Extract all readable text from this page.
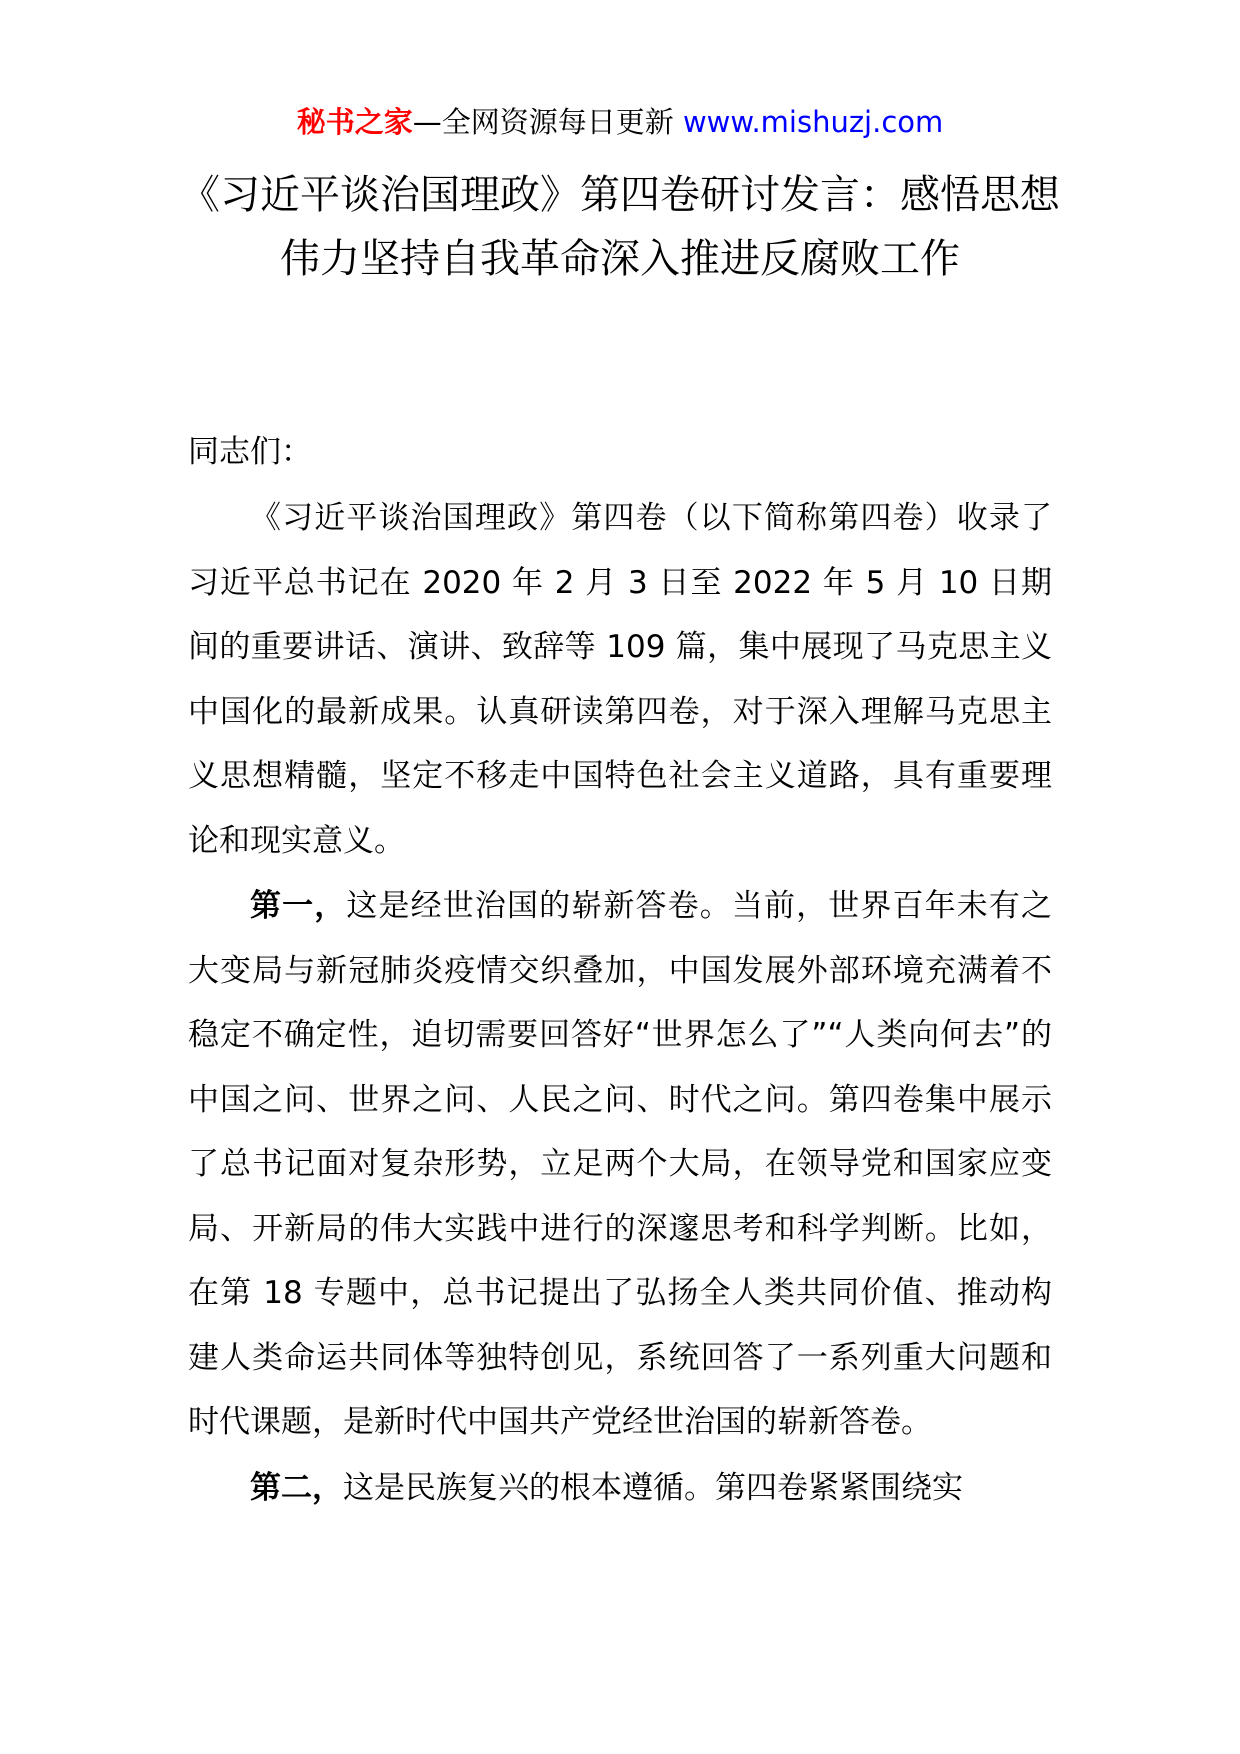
秘书之家—全网资源每日更新 www.mishuzj.com
《习近平谈治国理政》第四卷研讨发言：感悟思想伟力坚持自我革命深入推进反腐败工作

同志们：

《习近平谈治国理政》第四卷（以下简称第四卷）收录了习近平总书记在 2020 年 2 月 3 日至 2022 年 5 月 10 日期间的重要讲话、演讲、致辞等 109 篇，集中展现了马克思主义中国化的最新成果。认真研读第四卷，对于深入理解马克思主义思想精髓，坚定不移走中国特色社会主义道路，具有重要理论和现实意义。

第一，这是经世治国的崭新答卷。当前，世界百年未有之大变局与新冠肺炎疫情交织叠加，中国发展外部环境充满着不稳定不确定性，迫切需要回答好“世界怎么了”“人类向何去”的中国之问、世界之问、人民之问、时代之问。第四卷集中展示了总书记面对复杂形势，立足两个大局，在领导党和国家应变局、开新局的伟大实践中进行的深邃思考和科学判断。比如，在第 18 专题中，总书记提出了弘扬全人类共同价值、推动构建人类命运共同体等独特创见，系统回答了一系列重大问题和时代课题，是新时代中国共产党经世治国的崭新答卷。

第二，这是民族复兴的根本遵循。第四卷紧紧围绕实
